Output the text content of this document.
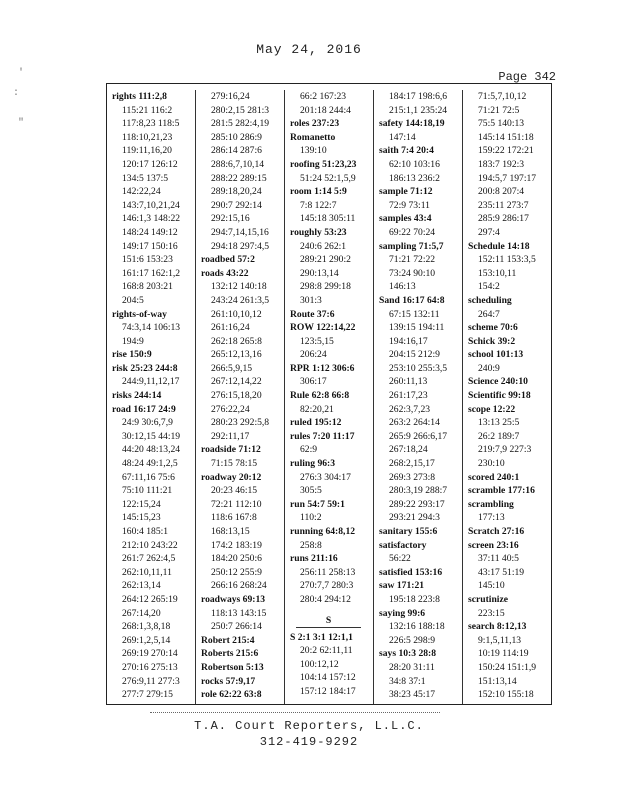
May 24, 2016
Page 342
'
:
"
rights 111:2,8
115:21 116:2
117:8,23 118:5
118:10,21,23
119:11,16,20
120:17 126:12
134:5 137:5
142:22,24
143:7,10,21,24
146:1,3 148:22
148:24 149:12
149:17 150:16
151:6 153:23
161:17 162:1,2
168:8 203:21
204:5
rights-of-way
74:3,14 106:13
194:9
rise 150:9
risk 25:23 244:8
244:9,11,12,17
risks 244:14
road 16:17 24:9
24:9 30:6,7,9
30:12,15 44:19
44:20 48:13,24
48:24 49:1,2,5
67:11,16 75:6
75:10 111:21
122:15,24
145:15,23
160:4 185:1
212:10 243:22
261:7 262:4,5
262:10,11,11
262:13,14
264:12 265:19
267:14,20
268:1,3,8,18
269:1,2,5,14
269:19 270:14
270:16 275:13
276:9,11 277:3
277:7 279:15
279:16,24
280:2,15 281:3
281:5 282:4,19
285:10 286:9
286:14 287:6
288:6,7,10,14
288:22 289:15
289:18,20,24
290:7 292:14
292:15,16
294:7,14,15,16
294:18 297:4,5
roadbed 57:2
roads 43:22
132:12 140:18
243:24 261:3,5
261:10,10,12
261:16,24
262:18 265:8
265:12,13,16
266:5,9,15
267:12,14,22
276:15,18,20
276:22,24
280:23 292:5,8
292:11,17
roadside 71:12
71:15 78:15
roadway 20:12
20:23 46:15
72:21 112:10
118:6 167:8
168:13,15
174:2 183:19
184:20 250:6
250:12 255:9
266:16 268:24
roadways 69:13
118:13 143:15
250:7 266:14
Robert 215:4
Roberts 215:6
Robertson 5:13
rocks 57:9,17
role 62:22 63:8
66:2 167:23
201:18 244:4
roles 237:23
Romanetto
139:10
roofing 51:23,23
51:24 52:1,5,9
room 1:14 5:9
7:8 122:7
145:18 305:11
roughly 53:23
240:6 262:1
289:21 290:2
290:13,14
298:8 299:18
301:3
Route 37:6
ROW 122:14,22
123:5,15
206:24
RPR 1:12 306:6
306:17
Rule 62:8 66:8
82:20,21
ruled 195:12
rules 7:20 11:17
62:9
ruling 96:3
276:3 304:17
305:5
run 54:7 59:1
110:2
running 64:8,12
258:8
runs 211:16
256:11 258:13
270:7,7 280:3
280:4 294:12
S
S 2:1 3:1 12:1,1
20:2 62:11,11
100:12,12
104:14 157:12
157:12 184:17
184:17 198:6,6
215:1,1 235:24
safety 144:18,19
147:14
saith 7:4 20:4
62:10 103:16
186:13 236:2
sample 71:12
72:9 73:11
samples 43:4
69:22 70:24
sampling 71:5,7
71:21 72:22
73:24 90:10
146:13
Sand 16:17 64:8
67:15 132:11
139:15 194:11
194:16,17
204:15 212:9
253:10 255:3,5
260:11,13
261:17,23
262:3,7,23
263:2 264:14
265:9 266:6,17
267:18,24
268:2,15,17
269:3 273:8
280:3,19 288:7
289:22 293:17
293:21 294:3
sanitary 155:6
satisfactory
56:22
satisfied 153:16
saw 171:21
195:18 223:8
saying 99:6
132:16 188:18
226:5 298:9
says 10:3 28:8
28:20 31:11
34:8 37:1
38:23 45:17
71:5,7,10,12
71:21 72:5
75:5 140:13
145:14 151:18
159:22 172:21
183:7 192:3
194:5,7 197:17
200:8 207:4
235:11 273:7
285:9 286:17
297:4
Schedule 14:18
152:11 153:3,5
153:10,11
154:2
scheduling
264:7
scheme 70:6
Schick 39:2
school 101:13
240:9
Science 240:10
Scientific 99:18
scope 12:22
13:13 25:5
26:2 189:7
219:7,9 227:3
230:10
scored 240:1
scramble 177:16
scrambling
177:13
Scratch 27:16
screen 23:16
37:11 40:5
43:17 51:19
145:10
scrutinize
223:15
search 8:12,13
9:1,5,11,13
10:19 114:19
150:24 151:1,9
151:13,14
152:10 155:18
T.A. Court Reporters, L.L.C.
312-419-9292
